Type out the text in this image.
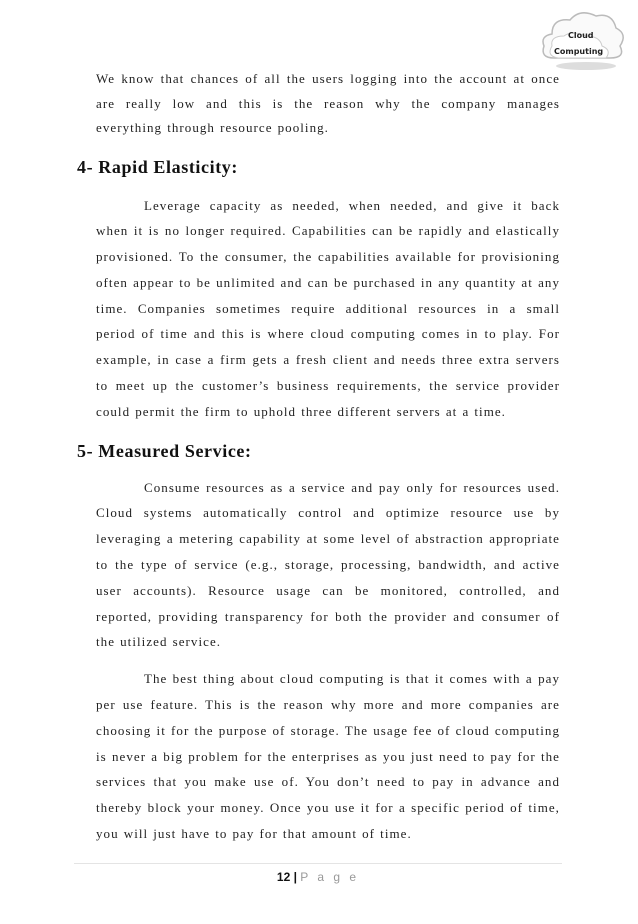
Cloud
Computing

We know that chances of all the users logging into the account at once are really low and this is the reason why the company manages everything through resource pooling.

4- Rapid Elasticity:

Leverage capacity as needed, when needed, and give it back when it is no longer required. Capabilities can be rapidly and elastically provisioned. To the consumer, the capabilities available for provisioning often appear to be unlimited and can be purchased in any quantity at any time. Companies sometimes require additional resources in a small period of time and this is where cloud computing comes in to play. For example, in case a firm gets a fresh client and needs three extra servers to meet up the customer’s business requirements, the service provider could permit the firm to uphold three different servers at a time.

5- Measured Service:

Consume resources as a service and pay only for resources used. Cloud systems automatically control and optimize resource use by leveraging a metering capability at some level of abstraction appropriate to the type of service (e.g., storage, processing, bandwidth, and active user accounts). Resource usage can be monitored, controlled, and reported, providing transparency for both the provider and consumer of the utilized service.

The best thing about cloud computing is that it comes with a pay per use feature. This is the reason why more and more companies are choosing it for the purpose of storage. The usage fee of cloud computing is never a big problem for the enterprises as you just need to pay for the services that you make use of. You don’t need to pay in advance and thereby block your money. Once you use it for a specific period of time, you will just have to pay for that amount of time.

12 | P a g e
